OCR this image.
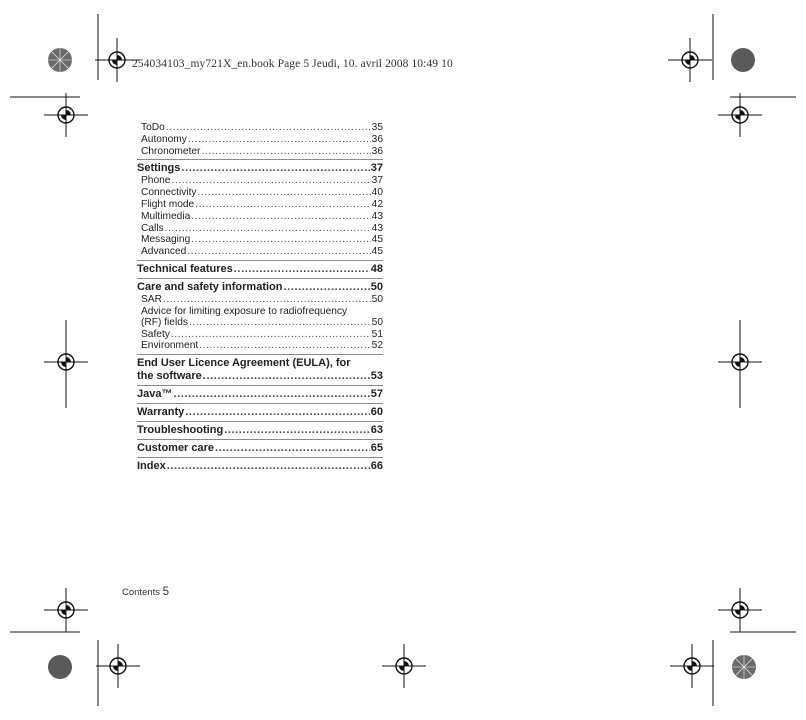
254034103_my721X_en.book Page 5 Jeudi, 10. avril 2008 10:49 10
ToDo .....	35
Autonomy .....	36
Chronometer .....	36
Settings .....	37
Phone .....	37
Connectivity .....	40
Flight mode .....	42
Multimedia .....	43
Calls .....	43
Messaging .....	45
Advanced .....	45
Technical features .....	48
Care and safety information .....	50
SAR .....	50
Advice for limiting exposure to radiofrequency
(RF) fields .....	50
Safety .....	51
Environment .....	52
End User Licence Agreement (EULA), for
the software .....	53
Java™ .....	57
Warranty .....	60
Troubleshooting .....	63
Customer care .....	65
Index .....	66
Contents 5
